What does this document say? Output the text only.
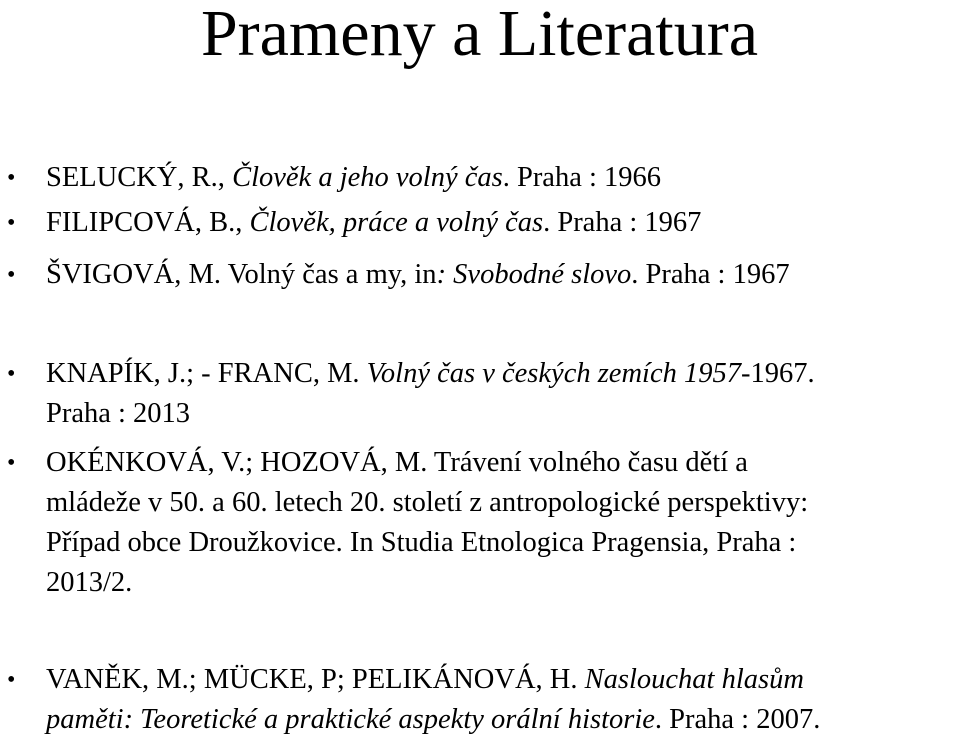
Prameny a Literatura
• SELUCKÝ, R., Člověk a jeho volný čas. Praha : 1966
• FILIPCOVÁ, B., Člověk, práce a volný čas. Praha : 1967
• ŠVIGOVÁ, M. Volný čas a my, in: Svobodné slovo. Praha : 1967
• KNAPÍK, J.; - FRANC, M. Volný čas v českých zemích 1957-1967.
Praha : 2013
• OKÉNKOVÁ, V.; HOZOVÁ, M. Trávení volného času dětí a
mládeže v 50. a 60. letech 20. století z antropologické perspektivy:
Případ obce Droužkovice. In Studia Etnologica Pragensia, Praha :
2013/2.
• VANĚK, M.; MÜCKE, P; PELIKÁNOVÁ, H. Naslouchat hlasům
paměti: Teoretické a praktické aspekty orální historie. Praha : 2007.
